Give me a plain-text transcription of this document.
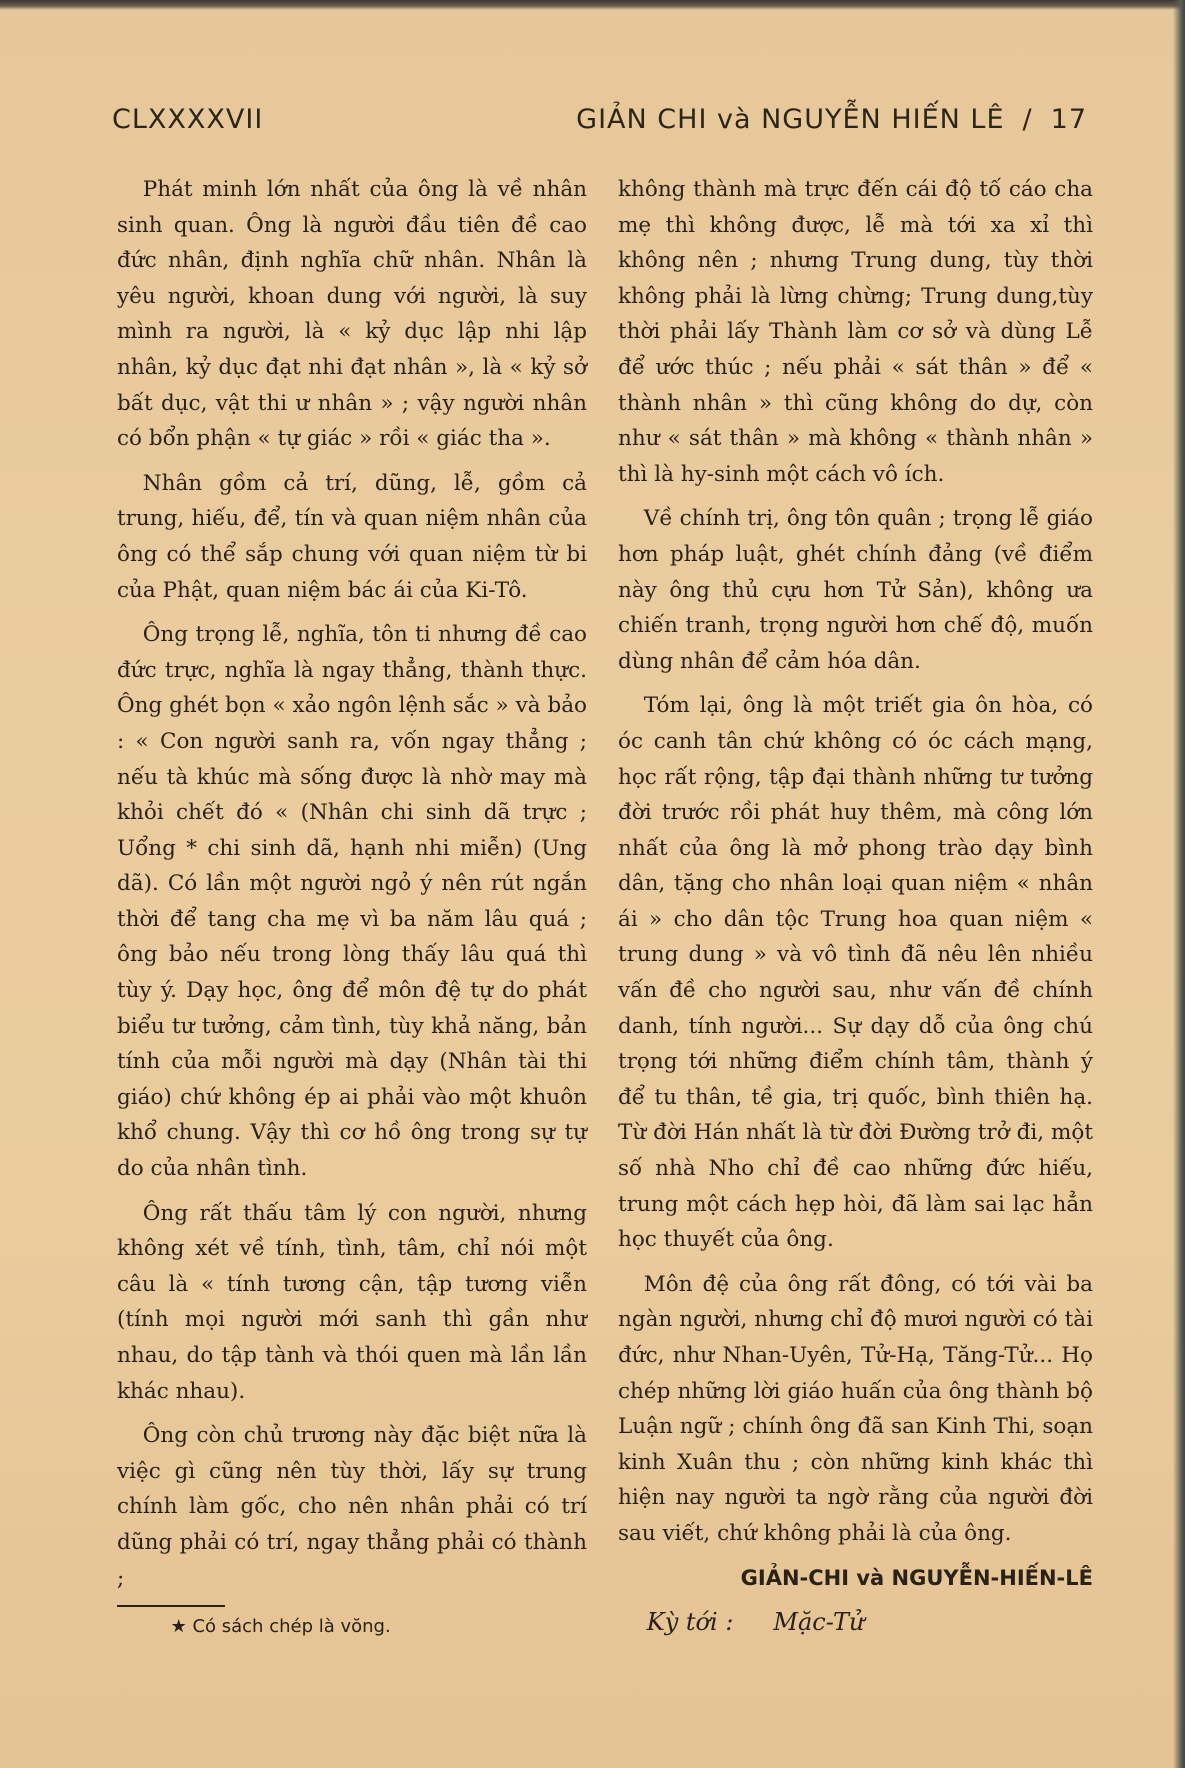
CLXXXXVII	GIẢN CHI và NGUYỄN HIẾN LÊ / 17

Phát minh lớn nhất của ông là về nhân sinh quan. Ông là người đầu tiên đề cao đức nhân, định nghĩa chữ nhân. Nhân là yêu người, khoan dung với người, là suy mình ra người, là « kỷ dục lập nhi lập nhân, kỷ dục đạt nhi đạt nhân », là « kỷ sở bất dục, vật thi ư nhân » ; vậy người nhân có bổn phận « tự giác » rồi « giác tha ».

Nhân gồm cả trí, dũng, lễ, gồm cả trung, hiếu, để, tín và quan niệm nhân của ông có thể sắp chung với quan niệm từ bi của Phật, quan niệm bác ái của Ki-Tô.

Ông trọng lễ, nghĩa, tôn ti nhưng đề cao đức trực, nghĩa là ngay thẳng, thành thực. Ông ghét bọn « xảo ngôn lệnh sắc » và bảo : « Con người sanh ra, vốn ngay thẳng ; nếu tà khúc mà sống được là nhờ may mà khỏi chết đó « (Nhân chi sinh dã trực ; Uổng * chi sinh dã, hạnh nhi miễn) (Ung dã). Có lần một người ngỏ ý nên rút ngắn thời để tang cha mẹ vì ba năm lâu quá ; ông bảo nếu trong lòng thấy lâu quá thì tùy ý. Dạy học, ông để môn đệ tự do phát biểu tư tưởng, cảm tình, tùy khả năng, bản tính của mỗi người mà dạy (Nhân tài thi giáo) chứ không ép ai phải vào một khuôn khổ chung. Vậy thì cơ hồ ông trong sự tự do của nhân tình.

Ông rất thấu tâm lý con người, nhưng không xét về tính, tình, tâm, chỉ nói một câu là « tính tương cận, tập tương viễn (tính mọi người mới sanh thì gần như nhau, do tập tành và thói quen mà lần lần khác nhau).

Ông còn chủ trương này đặc biệt nữa là việc gì cũng nên tùy thời, lấy sự trung chính làm gốc, cho nên nhân phải có trí dũng phải có trí, ngay thẳng phải có thành ;

★ Có sách chép là vŏng.

không thành mà trực đến cái độ tố cáo cha mẹ thì không được, lễ mà tới xa xỉ thì không nên ; nhưng Trung dung, tùy thời không phải là lừng chừng; Trung dung,tùy thời phải lấy Thành làm cơ sở và dùng Lễ để ước thúc ; nếu phải « sát thân » để « thành nhân » thì cũng không do dự, còn như « sát thân » mà không « thành nhân » thì là hy-sinh một cách vô ích.

Về chính trị, ông tôn quân ; trọng lễ giáo hơn pháp luật, ghét chính đảng (về điểm này ông thủ cựu hơn Tử Sản), không ưa chiến tranh, trọng người hơn chế độ, muốn dùng nhân để cảm hóa dân.

Tóm lại, ông là một triết gia ôn hòa, có óc canh tân chứ không có óc cách mạng, học rất rộng, tập đại thành những tư tưởng đời trước rồi phát huy thêm, mà công lớn nhất của ông là mở phong trào dạy bình dân, tặng cho nhân loại quan niệm « nhân ái » cho dân tộc Trung hoa quan niệm « trung dung » và vô tình đã nêu lên nhiều vấn đề cho người sau, như vấn đề chính danh, tính người... Sự dạy dỗ của ông chú trọng tới những điểm chính tâm, thành ý để tu thân, tề gia, trị quốc, bình thiên hạ. Từ đời Hán nhất là từ đời Đường trở đi, một số nhà Nho chỉ đề cao những đức hiếu, trung một cách hẹp hòi, đã làm sai lạc hẳn học thuyết của ông.

Môn đệ của ông rất đông, có tới vài ba ngàn người, nhưng chỉ độ mươi người có tài đức, như Nhan-Uyên, Tử-Hạ, Tăng-Tử... Họ chép những lời giáo huấn của ông thành bộ Luận ngữ ; chính ông đã san Kinh Thi, soạn kinh Xuân thu ; còn những kinh khác thì hiện nay người ta ngờ rằng của người đời sau viết, chứ không phải là của ông.

GIẢN-CHI và NGUYỄN-HIẾN-LÊ

Kỳ tới : Mặc-Tử
